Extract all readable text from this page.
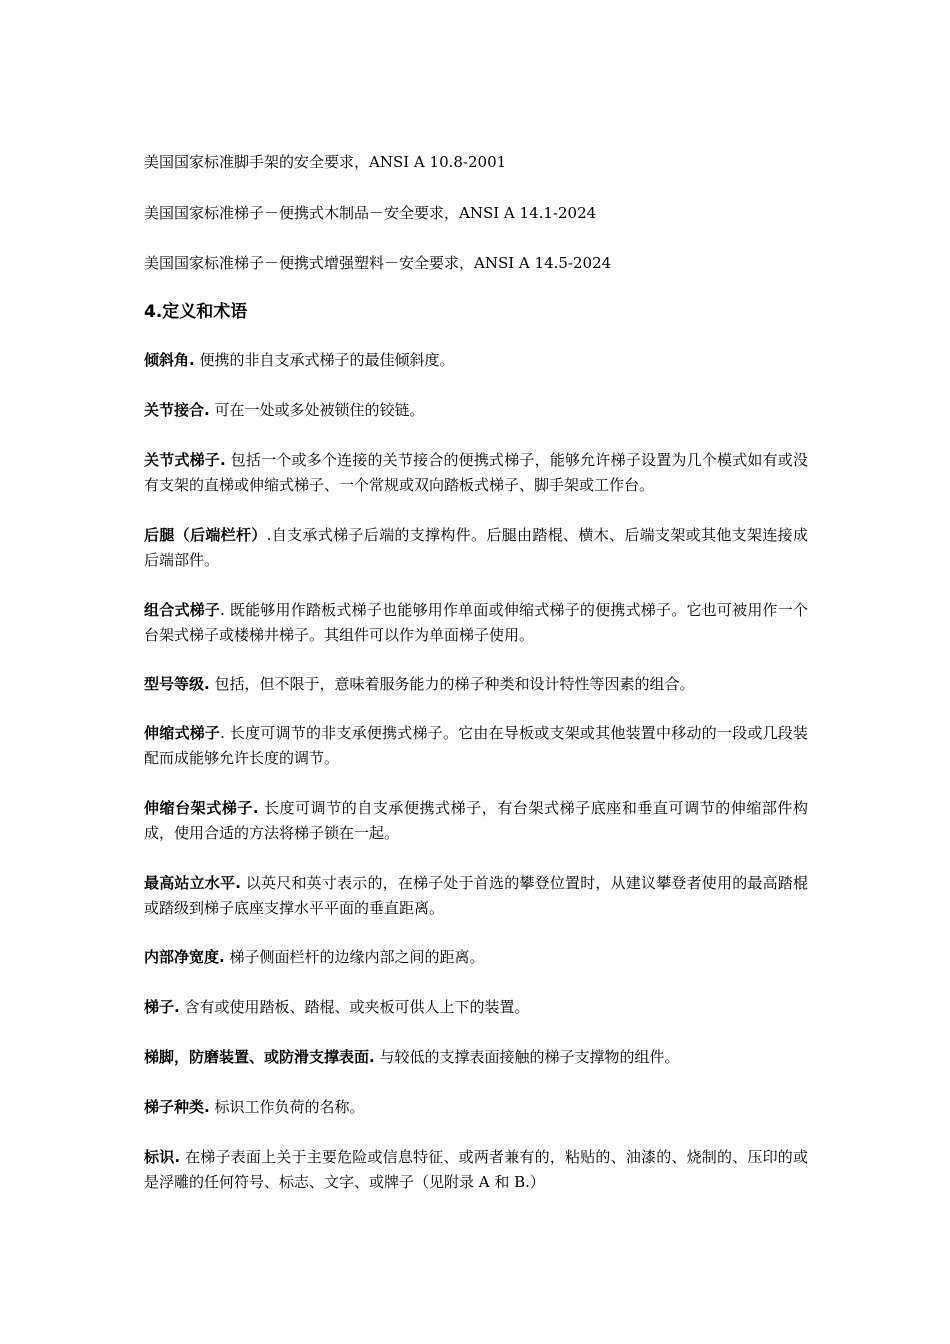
美国国家标准脚手架的安全要求，ANSI A 10.8-2001
美国国家标准梯子－便携式木制品－安全要求，ANSI A 14.1-2024
美国国家标准梯子－便携式增强塑料－安全要求，ANSI A 14.5-2024
4.定义和术语

倾斜角. 便携的非自支承式梯子的最佳倾斜度。

关节接合. 可在一处或多处被锁住的铰链。

关节式梯子. 包括一个或多个连接的关节接合的便携式梯子，能够允许梯子设置为几个模式如有或没有支架的直梯或伸缩式梯子、一个常规或双向踏板式梯子、脚手架或工作台。

后腿（后端栏杆）.自支承式梯子后端的支撑构件。后腿由踏棍、横木、后端支架或其他支架连接成后端部件。

组合式梯子. 既能够用作踏板式梯子也能够用作单面或伸缩式梯子的便携式梯子。它也可被用作一个台架式梯子或楼梯井梯子。其组件可以作为单面梯子使用。

型号等级. 包括，但不限于，意味着服务能力的梯子种类和设计特性等因素的组合。

伸缩式梯子. 长度可调节的非支承便携式梯子。它由在导板或支架或其他装置中移动的一段或几段装配而成能够允许长度的调节。

伸缩台架式梯子. 长度可调节的自支承便携式梯子，有台架式梯子底座和垂直可调节的伸缩部件构成，使用合适的方法将梯子锁在一起。

最高站立水平. 以英尺和英寸表示的，在梯子处于首选的攀登位置时，从建议攀登者使用的最高踏棍或踏级到梯子底座支撑水平平面的垂直距离。

内部净宽度. 梯子侧面栏杆的边缘内部之间的距离。

梯子. 含有或使用踏板、踏棍、或夹板可供人上下的装置。

梯脚，防磨装置、或防滑支撑表面. 与较低的支撑表面接触的梯子支撑物的组件。

梯子种类. 标识工作负荷的名称。

标识. 在梯子表面上关于主要危险或信息特征、或两者兼有的，粘贴的、油漆的、烧制的、压印的或是浮雕的任何符号、标志、文字、或牌子（见附录 A 和 B.）
